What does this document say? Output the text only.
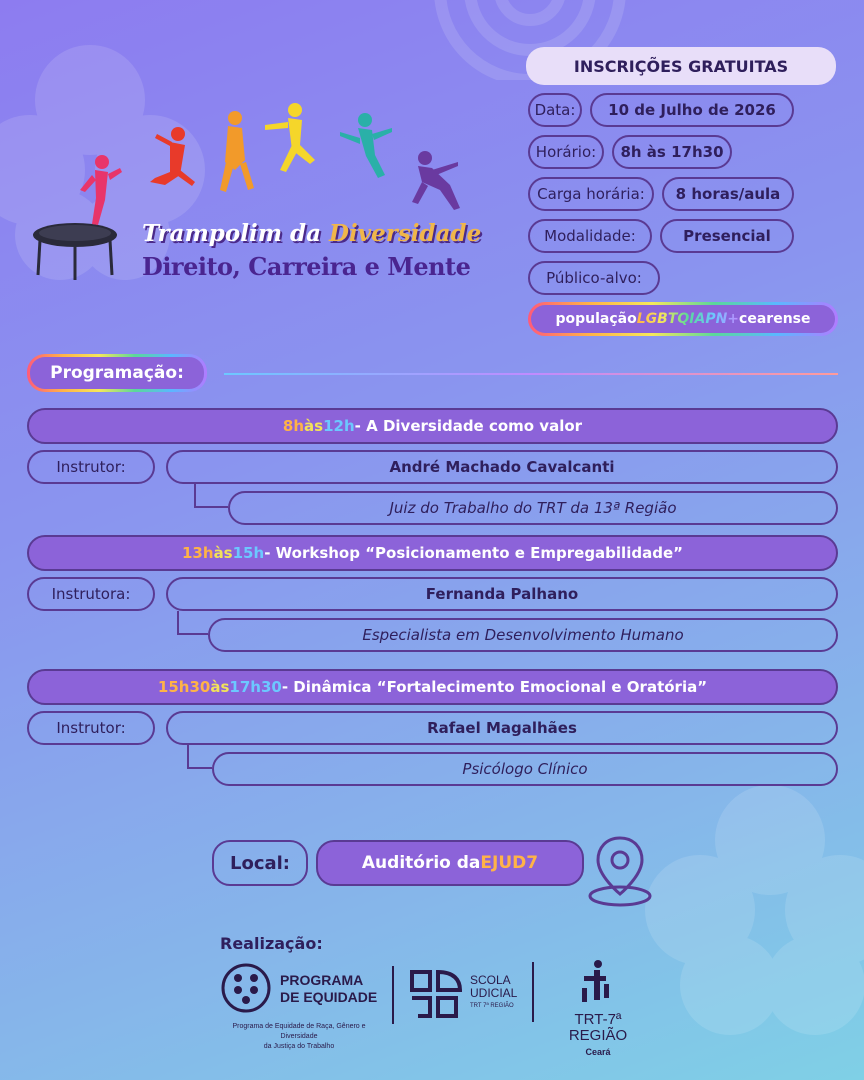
Trampolim da Diversidade
Direito, Carreira e Mente
INSCRIÇÕES GRATUITAS
Data:	10 de Julho de 2026
Horário:	8h às 17h30
Carga horária:	8 horas/aula
Modalidade:	Presencial
Público-alvo:
população LGBTQIAPN+ cearense
Programação:
8h às 12h - A Diversidade como valor
Instrutor:	André Machado Cavalcanti
Juiz do Trabalho do TRT da 13ª Região
13h às 15h - Workshop “Posicionamento e Empregabilidade”
Instrutora:	Fernanda Palhano
Especialista em Desenvolvimento Humano
15h30 às 17h30 - Dinâmica “Fortalecimento Emocional e Oratória”
Instrutor:	Rafael Magalhães
Psicólogo Clínico
Local:	Auditório da EJUD7
Realização:
PROGRAMA
DE EQUIDADE
Programa de Equidade de Raça, Gênero e Diversidade
da Justiça do Trabalho
SCOLA
UDICIAL
TRT 7ª REGIÃO
TRT-7ª REGIÃO
Ceará
